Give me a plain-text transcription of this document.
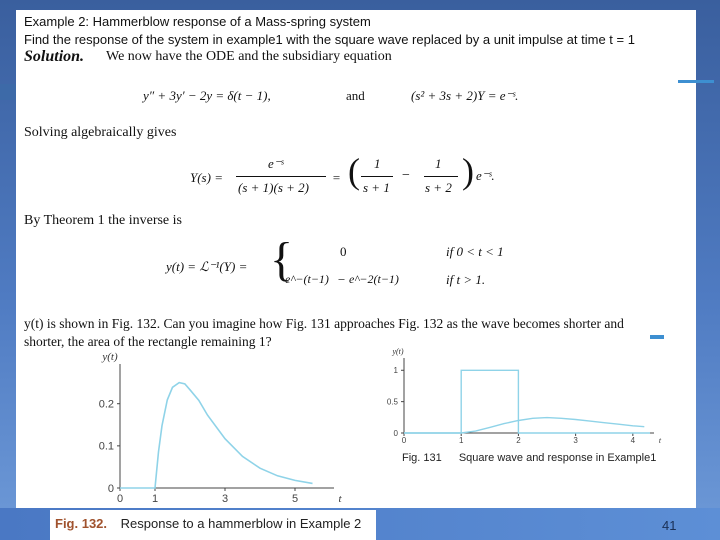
Example 2: Hammerblow response of a Mass-spring system
Find the response of the system in example1 with the square wave replaced by a unit impulse at time t = 1
Solution. We now have the ODE and the subsidiary equation
y″ + 3y′ − 2y = δ(t − 1),	and	(s² + 3s + 2)Y = e⁻ˢ.
Solving algebraically gives
Y(s) =
e⁻ˢ
(s + 1)(s + 2)
= ( 1
s + 1
−
1
s + 2 ) e⁻ˢ.
By Theorem 1 the inverse is
y(t) = ℒ⁻¹(Y) = {	0	if 0 < t < 1
e^−(t−1) − e^−2(t−1)	if t > 1.
y(t) is shown in Fig. 132. Can you imagine how Fig. 131 approaches Fig. 132 as the wave becomes shorter and
shorter, the area of the rectangle remaining 1?
0	1	3	5
0
0.1
0.2
y(t)
t
0	1	2	3	4
0
0.5
1
y(t)
t
Fig. 131 Square wave and response in Example1
Fig. 132. Response to a hammerblow in Example 2	41
